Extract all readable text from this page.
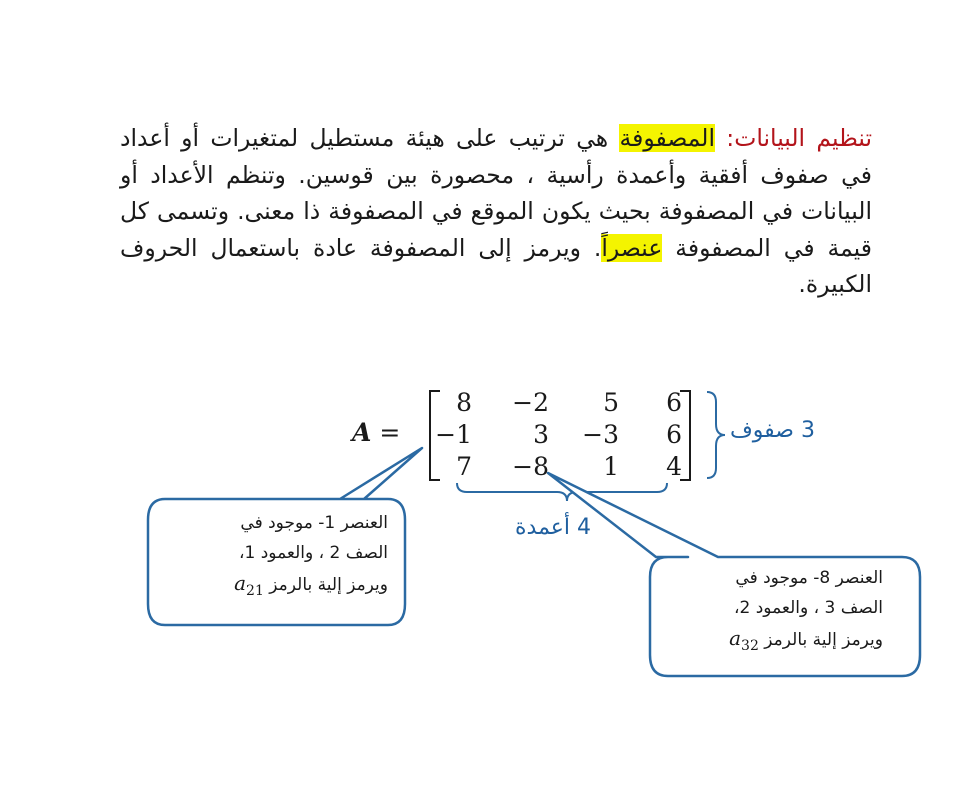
تنظيم البيانات: المصفوفة هي ترتيب على هيئة مستطيل لمتغيرات أو أعداد في صفوف أفقية وأعمدة رأسية ، محصورة بين قوسين. وتنظم الأعداد أو البيانات في المصفوفة بحيث يكون الموقع في المصفوفة ذا معنى. وتسمى كل قيمة في المصفوفة عنصراً. ويرمز إلى المصفوفة عادة باستعمال الحروف الكبيرة.

A =
8	−2	5	6
−1	3	−3	6
7	−8	1	4
3 صفوف
4 أعمدة
العنصر 1- موجود في
الصف 2 ، والعمود 1،
ويرمز إلية بالرمز $a_{21}$
العنصر 8- موجود في
الصف 3 ، والعمود 2،
ويرمز إلية بالرمز $a_{32}$
